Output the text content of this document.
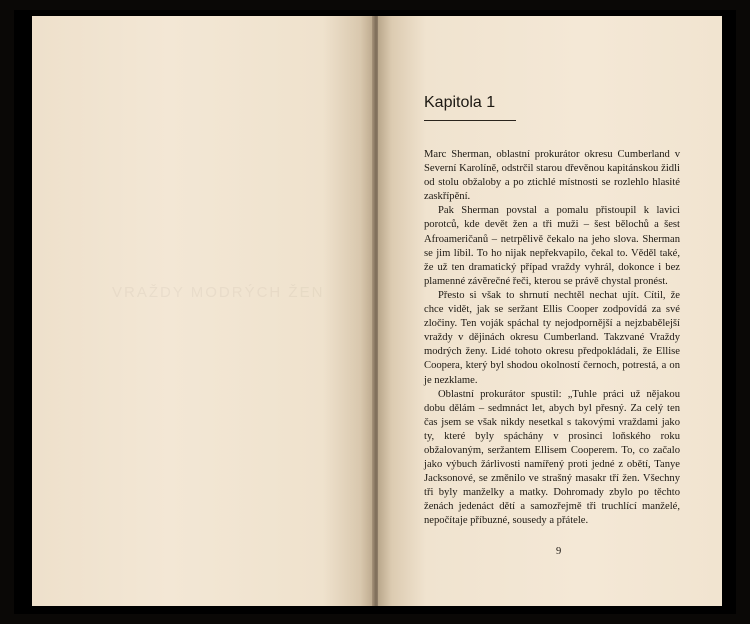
VRAŽDY MODRÝCH ŽEN
Kapitola 1

Marc Sherman, oblastní prokurátor okresu Cumberland v Severní Karolíně, odstrčil starou dřevěnou kapitánskou židli od stolu obžaloby a po ztichlé místnosti se rozlehlo hlasité zaskřípění.

Pak Sherman povstal a pomalu přistoupil k lavici porotců, kde devět žen a tři muži – šest bělochů a šest Afroameričanů – netrpělivě čekalo na jeho slova. Sherman se jim líbil. To ho nijak nepřekvapilo, čekal to. Věděl také, že už ten dramatický případ vraždy vyhrál, dokonce i bez plamenné závěrečné řeči, kterou se právě chystal pronést.

Přesto si však to shrnutí nechtěl nechat ujít. Cítil, že chce vidět, jak se seržant Ellis Cooper zodpovídá za své zločiny. Ten voják spáchal ty nejodpornější a nejzbabělejší vraždy v dějinách okresu Cumberland. Takzvané Vraždy modrých ženy. Lidé tohoto okresu předpokládali, že Ellise Coopera, který byl shodou okolností černoch, potrestá, a on je nezklame.

Oblastní prokurátor spustil: „Tuhle práci už nějakou dobu dělám – sedmnáct let, abych byl přesný. Za celý ten čas jsem se však nikdy nesetkal s takovými vraždami jako ty, které byly spáchány v prosinci loňského roku obžalovaným, seržantem Ellisem Cooperem. To, co začalo jako výbuch žárlivosti namířený proti jedné z obětí, Tanye Jacksonové, se změnilo ve strašný masakr tří žen. Všechny tři byly manželky a matky. Dohromady zbylo po těchto ženách jedenáct dětí a samozřejmě tři truchlící manželé, nepočítaje příbuzné, sousedy a přátele.

9
